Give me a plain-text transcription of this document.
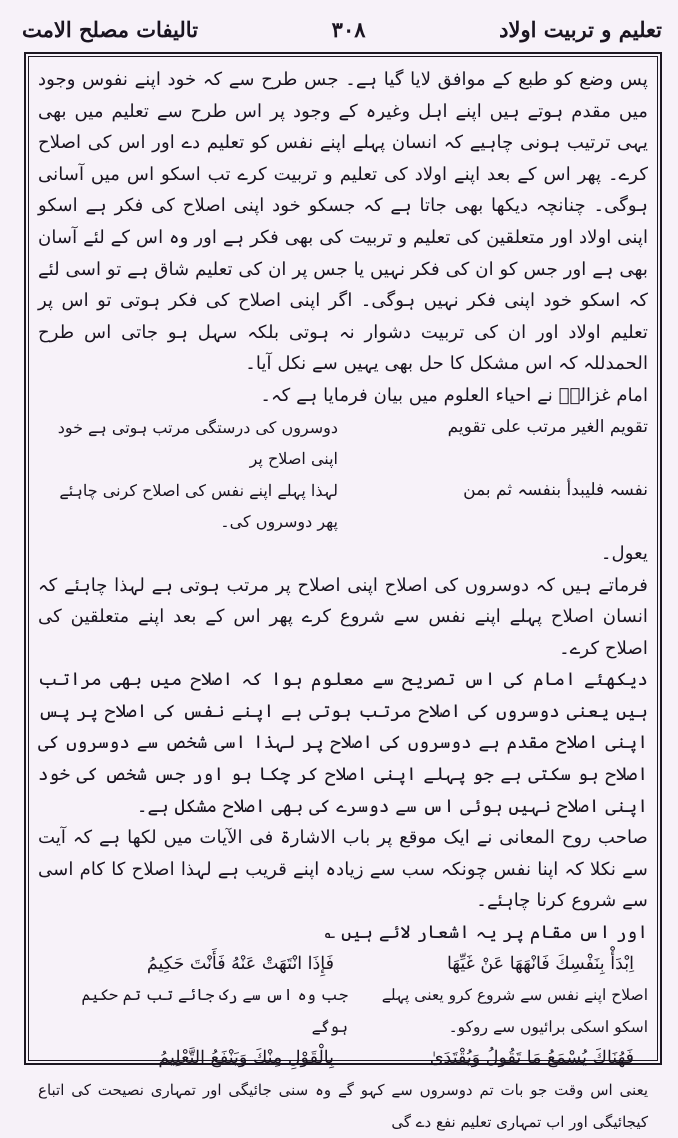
تعلیم و تربیت اولاد
۳۰۸
تالیفات مصلح الامت

پس وضع کو طبع کے موافق لایا گیا ہے۔ جس طرح سے کہ خود اپنے نفوس وجود میں مقدم ہوتے ہیں اپنے اہل وغیرہ کے وجود پر اس طرح سے تعلیم میں بھی یہی ترتیب ہونی چاہیے کہ انسان پہلے اپنے نفس کو تعلیم دے اور اس کی اصلاح کرے۔ پھر اس کے بعد اپنے اولاد کی تعلیم و تربیت کرے تب اسکو اس میں آسانی ہوگی۔ چنانچہ دیکھا بھی جاتا ہے کہ جسکو خود اپنی اصلاح کی فکر ہے اسکو اپنی اولاد اور متعلقین کی تعلیم و تربیت کی بھی فکر ہے اور وہ اس کے لئے آسان بھی ہے اور جس کو ان کی فکر نہیں یا جس پر ان کی تعلیم شاق ہے تو اسی لئے کہ اسکو خود اپنی فکر نہیں ہوگی۔ اگر اپنی اصلاح کی فکر ہوتی تو اس پر تعلیم اولاد اور ان کی تربیت دشوار نہ ہوتی بلکہ سہل ہو جاتی اس طرح الحمدللہ کہ اس مشکل کا حل بھی یہیں سے نکل آیا۔

امام غزالیؒ نے احیاء العلوم میں بیان فرمایا ہے کہ۔

تقویم الغیر مرتب علی تقویم
دوسروں کی درستگی مرتب ہوتی ہے خود اپنی اصلاح پر
نفسہ فلیبدأ بنفسہ ثم بمن
لہذا پہلے اپنے نفس کی اصلاح کرنی چاہئے پھر دوسروں کی۔

یعول۔

فرماتے ہیں کہ دوسروں کی اصلاح اپنی اصلاح پر مرتب ہوتی ہے لہذا چاہئے کہ انسان اصلاح پہلے اپنے نفس سے شروع کرے پھر اس کے بعد اپنے متعلقین کی اصلاح کرے۔

دیکھئے امام کی اس تصریح سے معلوم ہوا کہ اصلاح میں بھی مراتب ہیں یعنی دوسروں کی اصلاح مرتب ہوتی ہے اپنے نفس کی اصلاح پر پس اپنی اصلاح مقدم ہے دوسروں کی اصلاح پر لہذا اسی شخص سے دوسروں کی اصلاح ہو سکتی ہے جو پہلے اپنی اصلاح کر چکا ہو اور جس شخص کی خود اپنی اصلاح نہیں ہوئی اس سے دوسرے کی بھی اصلاح مشکل ہے۔

صاحب روح المعانی نے ایک موقع پر باب الاشارۃ فی الآیات میں لکھا ہے کہ آیت سے نکلا کہ اپنا نفس چونکہ سب سے زیادہ اپنے قریب ہے لہذا اصلاح کا کام اسی سے شروع کرنا چاہئے۔

اور اس مقام پر یہ اشعار لائے ہیں ؎

اِبْدَأْ بِنَفْسِكَ فَانْهَهَا عَنْ غَيِّهَا
فَإِذَا انْتَهَتْ عَنْهُ فَأَنْتَ حَكِيمُ
اصلاح اپنے نفس سے شروع کرو یعنی پہلے اسکو اسکی برائیوں سے روکو۔
جب وہ اس سے رک جائے تب تم حکیم ہوگے
فَهُنَاكَ يُسْمَعُ مَا تَقُولُ وَيُقْتَدَىٰ
بِالْقَوْلِ مِنْكَ وَيَنْفَعُ التَّعْلِيمُ

یعنی اس وقت جو بات تم دوسروں سے کہو گے وہ سنی جائیگی اور تمہاری نصیحت کی اتباع کیجائیگی اور اب تمہاری تعلیم نفع دے گی
